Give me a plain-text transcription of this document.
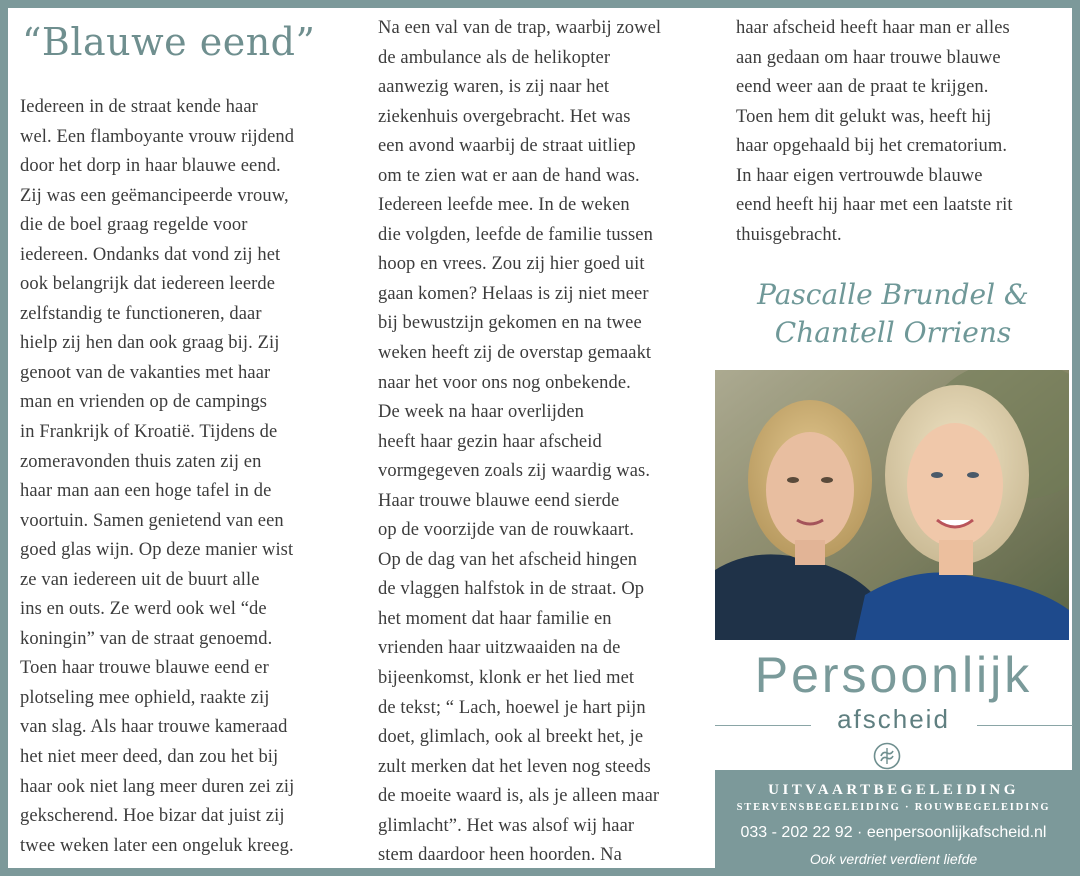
“Blauwe eend”
Iedereen in de straat kende haar
wel. Een flamboyante vrouw rijdend
door het dorp in haar blauwe eend.
Zij was een geëmancipeerde vrouw,
die de boel graag regelde voor
iedereen. Ondanks dat vond zij het
ook belangrijk dat iedereen leerde
zelfstandig te functioneren, daar
hielp zij hen dan ook graag bij. Zij
genoot van de vakanties met haar
man en vrienden op de campings
in Frankrijk of Kroatië. Tijdens de
zomeravonden thuis zaten zij en
haar man aan een hoge tafel in de
voortuin. Samen genietend van een
goed glas wijn. Op deze manier wist
ze van iedereen uit de buurt alle
ins en outs. Ze werd ook wel “de
koningin” van de straat genoemd.
Toen haar trouwe blauwe eend er
plotseling mee ophield, raakte zij
van slag. Als haar trouwe kameraad
het niet meer deed, dan zou het bij
haar ook niet lang meer duren zei zij
gekscherend. Hoe bizar dat juist zij
twee weken later een ongeluk kreeg.
Na een val van de trap, waarbij zowel
de ambulance als de helikopter
aanwezig waren, is zij naar het
ziekenhuis overgebracht. Het was
een avond waarbij de straat uitliep
om te zien wat er aan de hand was.
Iedereen leefde mee. In de weken
die volgden, leefde de familie tussen
hoop en vrees. Zou zij hier goed uit
gaan komen? Helaas is zij niet meer
bij bewustzijn gekomen en na twee
weken heeft zij de overstap gemaakt
naar het voor ons nog onbekende.
De week na haar overlijden
heeft haar gezin haar afscheid
vormgegeven zoals zij waardig was.
Haar trouwe blauwe eend sierde
op de voorzijde van de rouwkaart.
Op de dag van het afscheid hingen
de vlaggen halfstok in de straat. Op
het moment dat haar familie en
vrienden haar uitzwaaiden na de
bijeenkomst, klonk er het lied met
de tekst; “ Lach, hoewel je hart pijn
doet, glimlach, ook al breekt het, je
zult merken dat het leven nog steeds
de moeite waard is, als je alleen maar
glimlacht”. Het was alsof wij haar
stem daardoor heen hoorden. Na
haar afscheid heeft haar man er alles
aan gedaan om haar trouwe blauwe
eend weer aan de praat te krijgen.
Toen hem dit gelukt was, heeft hij
haar opgehaald bij het crematorium.
In haar eigen vertrouwde blauwe
eend heeft hij haar met een laatste rit
thuisgebracht.
Pascalle Brundel &
Chantell Orriens
Persoonlijk
afscheid
UITVAARTBEGELEIDING
STERVENSBEGELEIDING · ROUWBEGELEIDING
033 - 202 22 92 · eenpersoonlijkafscheid.nl
Ook verdriet verdient liefde
